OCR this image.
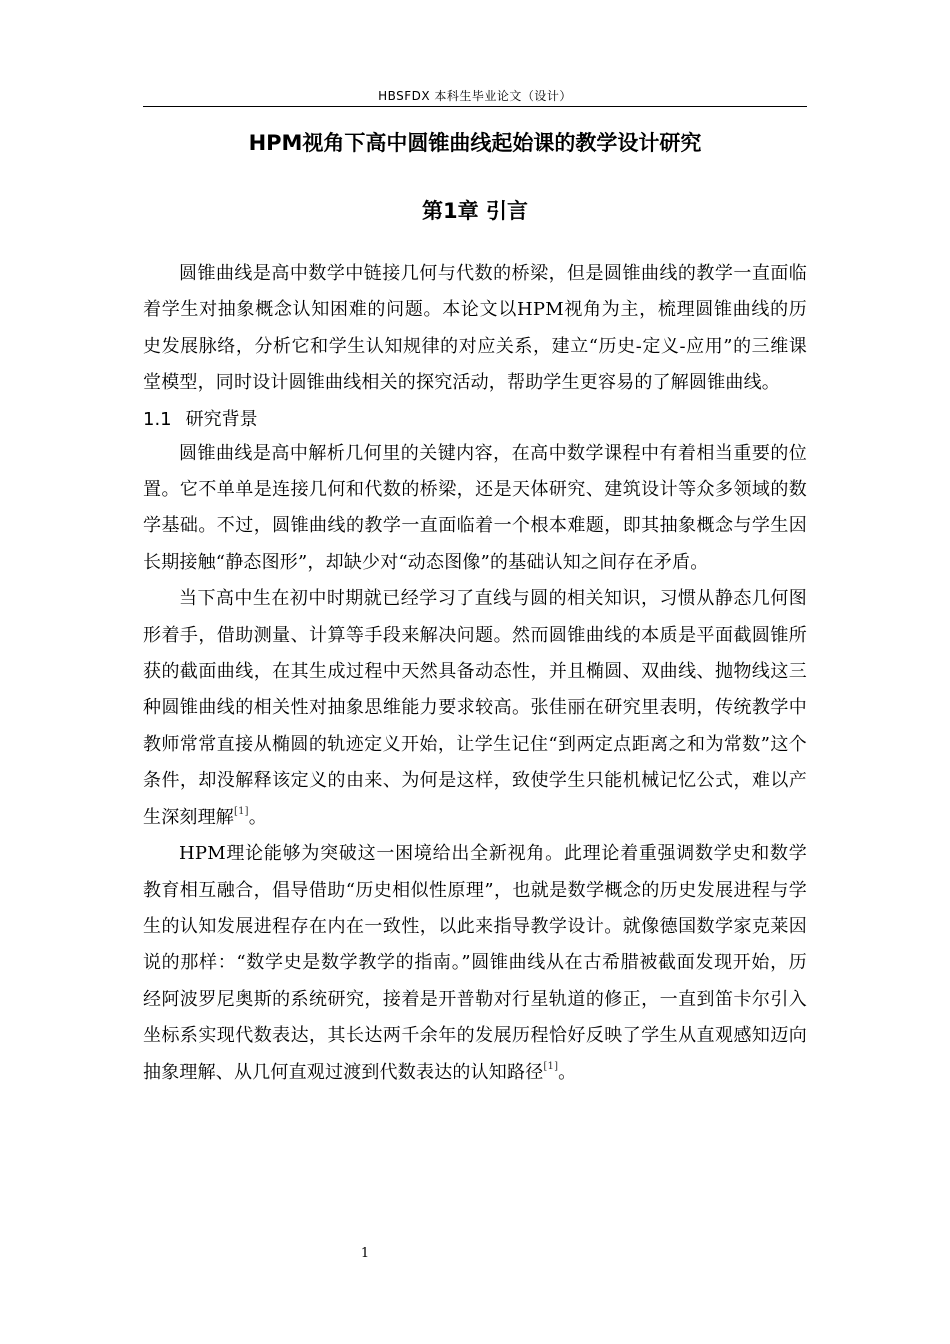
HBSFDX 本科生毕业论文（设计）
HPM视角下高中圆锥曲线起始课的教学设计研究
第1章 引言

圆锥曲线是高中数学中链接几何与代数的桥梁，但是圆锥曲线的教学一直面临着学生对抽象概念认知困难的问题。本论文以HPM视角为主，梳理圆锥曲线的历史发展脉络，分析它和学生认知规律的对应关系，建立“历史-定义-应用”的三维课堂模型，同时设计圆锥曲线相关的探究活动，帮助学生更容易的了解圆锥曲线。

1.1 研究背景

圆锥曲线是高中解析几何里的关键内容，在高中数学课程中有着相当重要的位置。它不单单是连接几何和代数的桥梁，还是天体研究、建筑设计等众多领域的数学基础。不过，圆锥曲线的教学一直面临着一个根本难题，即其抽象概念与学生因长期接触“静态图形”，却缺少对“动态图像”的基础认知之间存在矛盾。

当下高中生在初中时期就已经学习了直线与圆的相关知识，习惯从静态几何图形着手，借助测量、计算等手段来解决问题。然而圆锥曲线的本质是平面截圆锥所获的截面曲线，在其生成过程中天然具备动态性，并且椭圆、双曲线、抛物线这三种圆锥曲线的相关性对抽象思维能力要求较高。张佳丽在研究里表明，传统教学中教师常常直接从椭圆的轨迹定义开始，让学生记住“到两定点距离之和为常数”这个条件，却没解释该定义的由来、为何是这样，致使学生只能机械记忆公式，难以产生深刻理解[1]。

HPM理论能够为突破这一困境给出全新视角。此理论着重强调数学史和数学教育相互融合，倡导借助“历史相似性原理”，也就是数学概念的历史发展进程与学生的认知发展进程存在内在一致性，以此来指导教学设计。就像德国数学家克莱因说的那样：“数学史是数学教学的指南。”圆锥曲线从在古希腊被截面发现开始，历经阿波罗尼奥斯的系统研究，接着是开普勒对行星轨道的修正，一直到笛卡尔引入坐标系实现代数表达，其长达两千余年的发展历程恰好反映了学生从直观感知迈向抽象理解、从几何直观过渡到代数表达的认知路径[1]。

1
